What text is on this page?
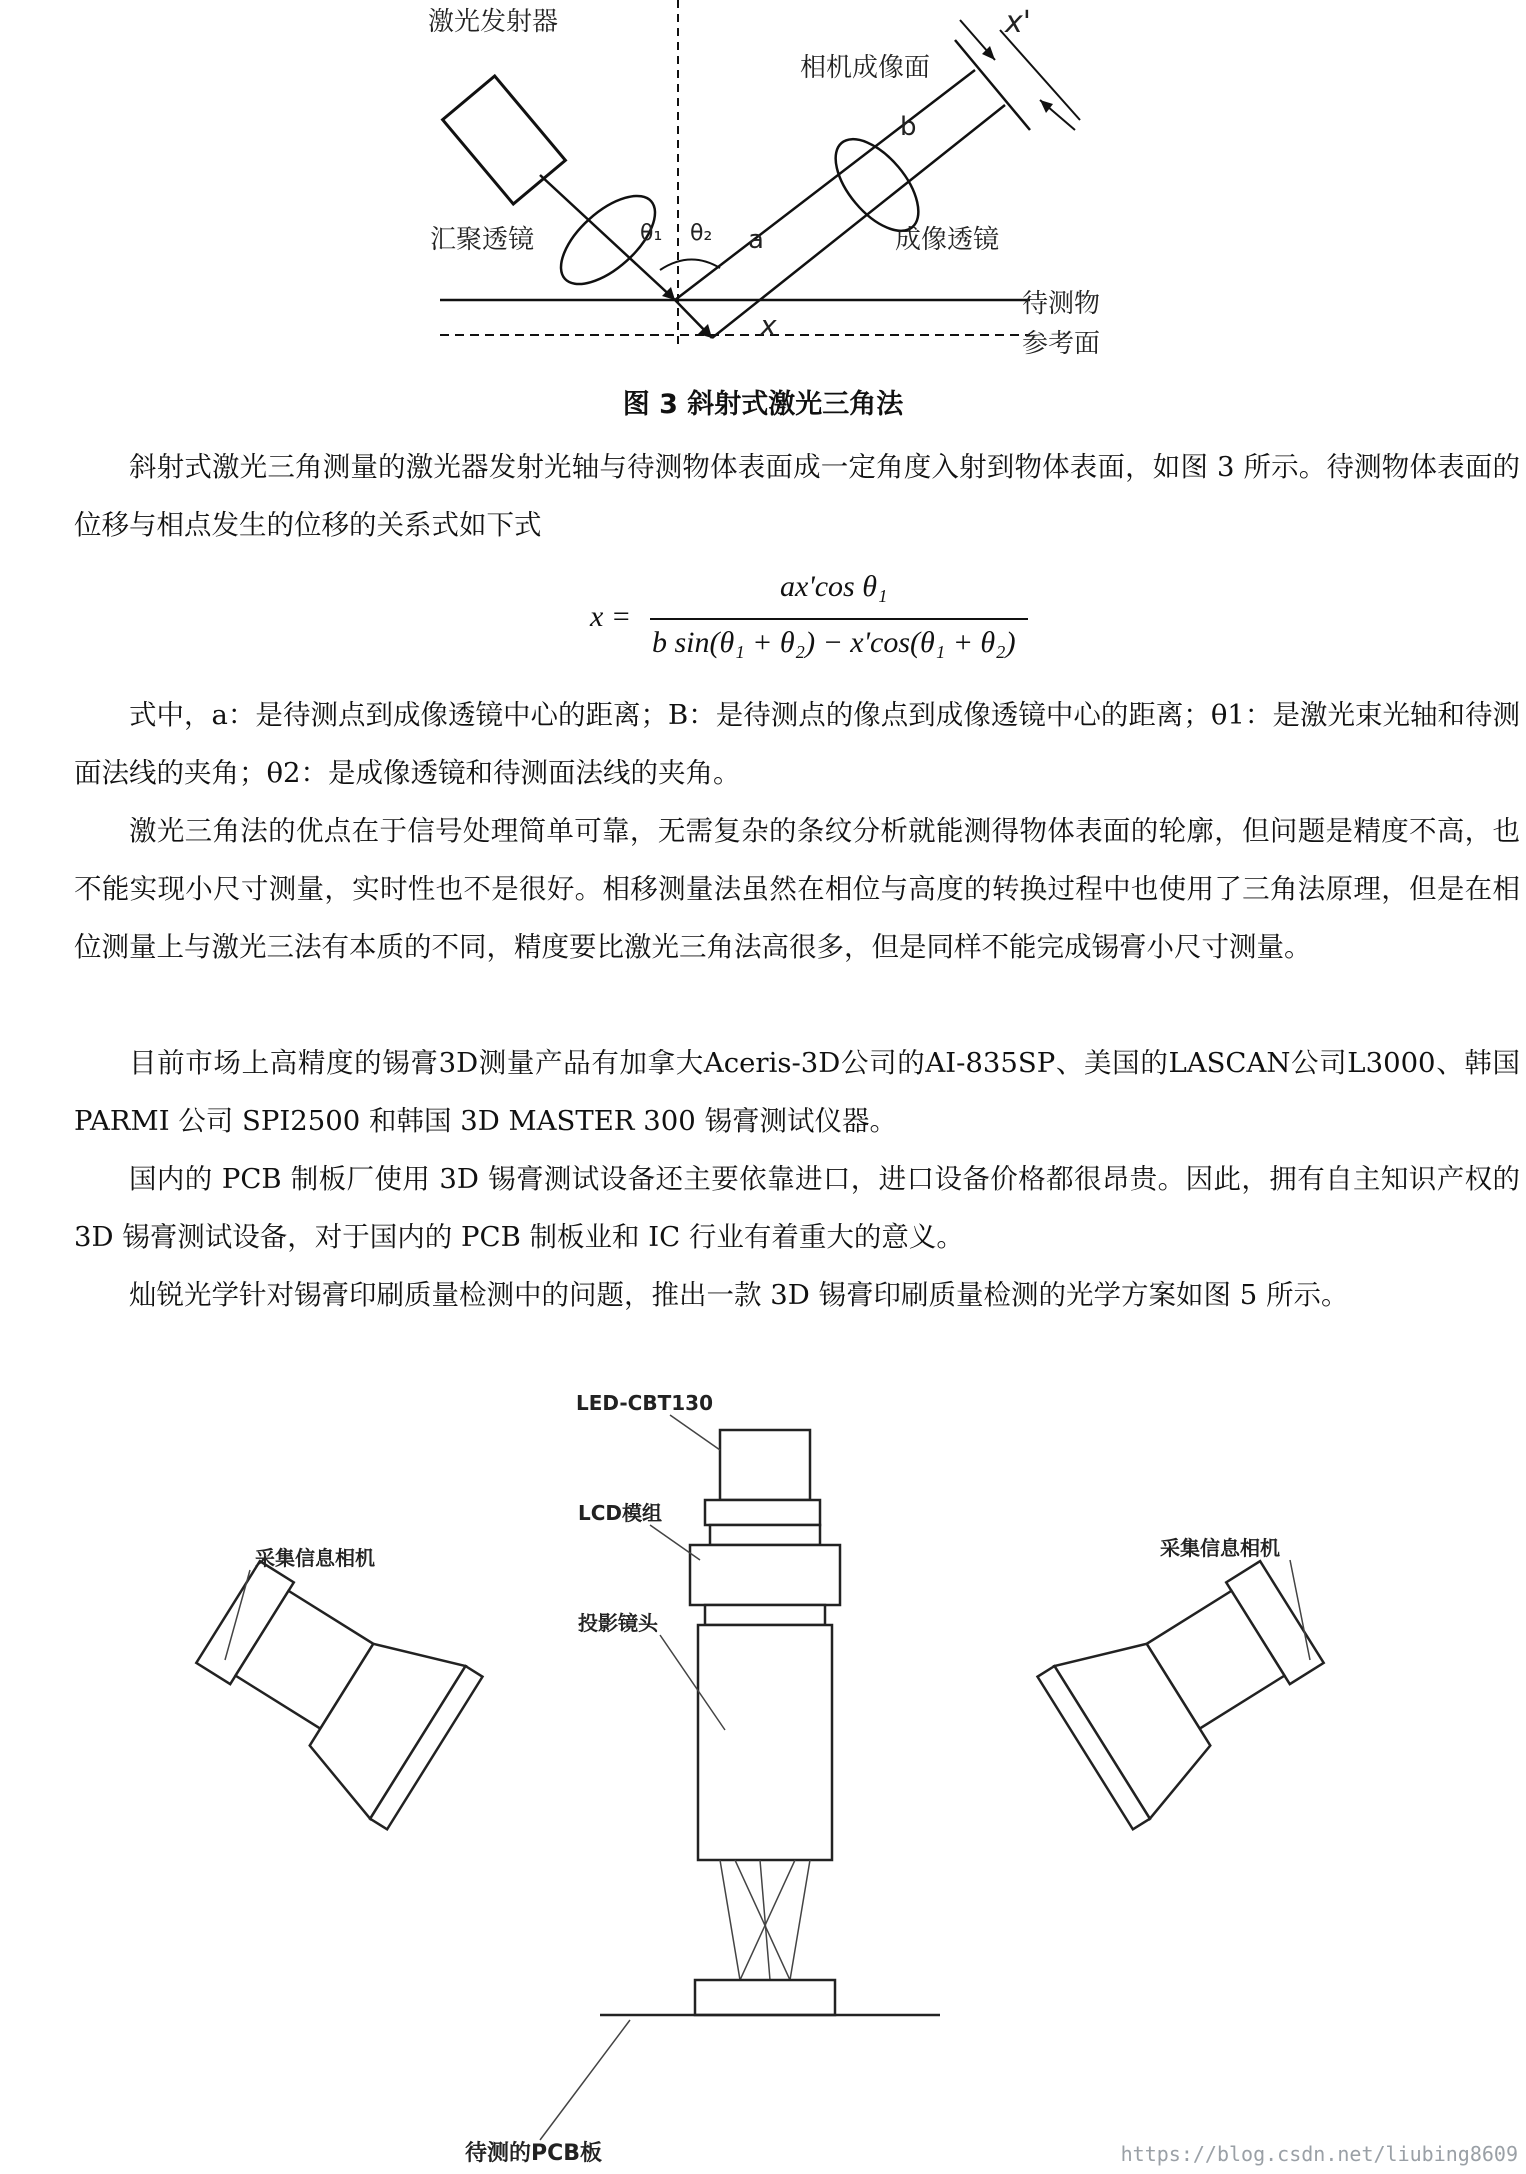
激光发射器
汇聚透镜
相机成像面
成像透镜
待测物
参考面
x'
b
a
x
θ₁ θ₂
图 3 斜射式激光三角法

斜射式激光三角测量的激光器发射光轴与待测物体表面成一定角度入射到物体表面，如图 3 所示。待测物体表面的位移与相点发生的位移的关系式如下式

x =
ax'cos θ₁
b sin(θ₁ + θ₂) − x'cos(θ₁ + θ₂)

式中，a：是待测点到成像透镜中心的距离；B：是待测点的像点到成像透镜中心的距离；θ1：是激光束光轴和待测面法线的夹角；θ2：是成像透镜和待测面法线的夹角。

激光三角法的优点在于信号处理简单可靠，无需复杂的条纹分析就能测得物体表面的轮廓，但问题是精度不高，也不能实现小尺寸测量，实时性也不是很好。相移测量法虽然在相位与高度的转换过程中也使用了三角法原理，但是在相位测量上与激光三法有本质的不同，精度要比激光三角法高很多，但是同样不能完成锡膏小尺寸测量。

目前市场上高精度的锡膏3D测量产品有加拿大Aceris-3D公司的AI-835SP、美国的LASCAN公司L3000、韩国 PARMI 公司 SPI2500 和韩国 3D MASTER 300 锡膏测试仪器。

国内的 PCB 制板厂使用 3D 锡膏测试设备还主要依靠进口，进口设备价格都很昂贵。因此，拥有自主知识产权的 3D 锡膏测试设备，对于国内的 PCB 制板业和 IC 行业有着重大的意义。

灿锐光学针对锡膏印刷质量检测中的问题，推出一款 3D 锡膏印刷质量检测的光学方案如图 5 所示。

LED-CBT130
LCD模组
投影镜头
采集信息相机	采集信息相机
待测的PCB板	https://blog.csdn.net/liubing8609
